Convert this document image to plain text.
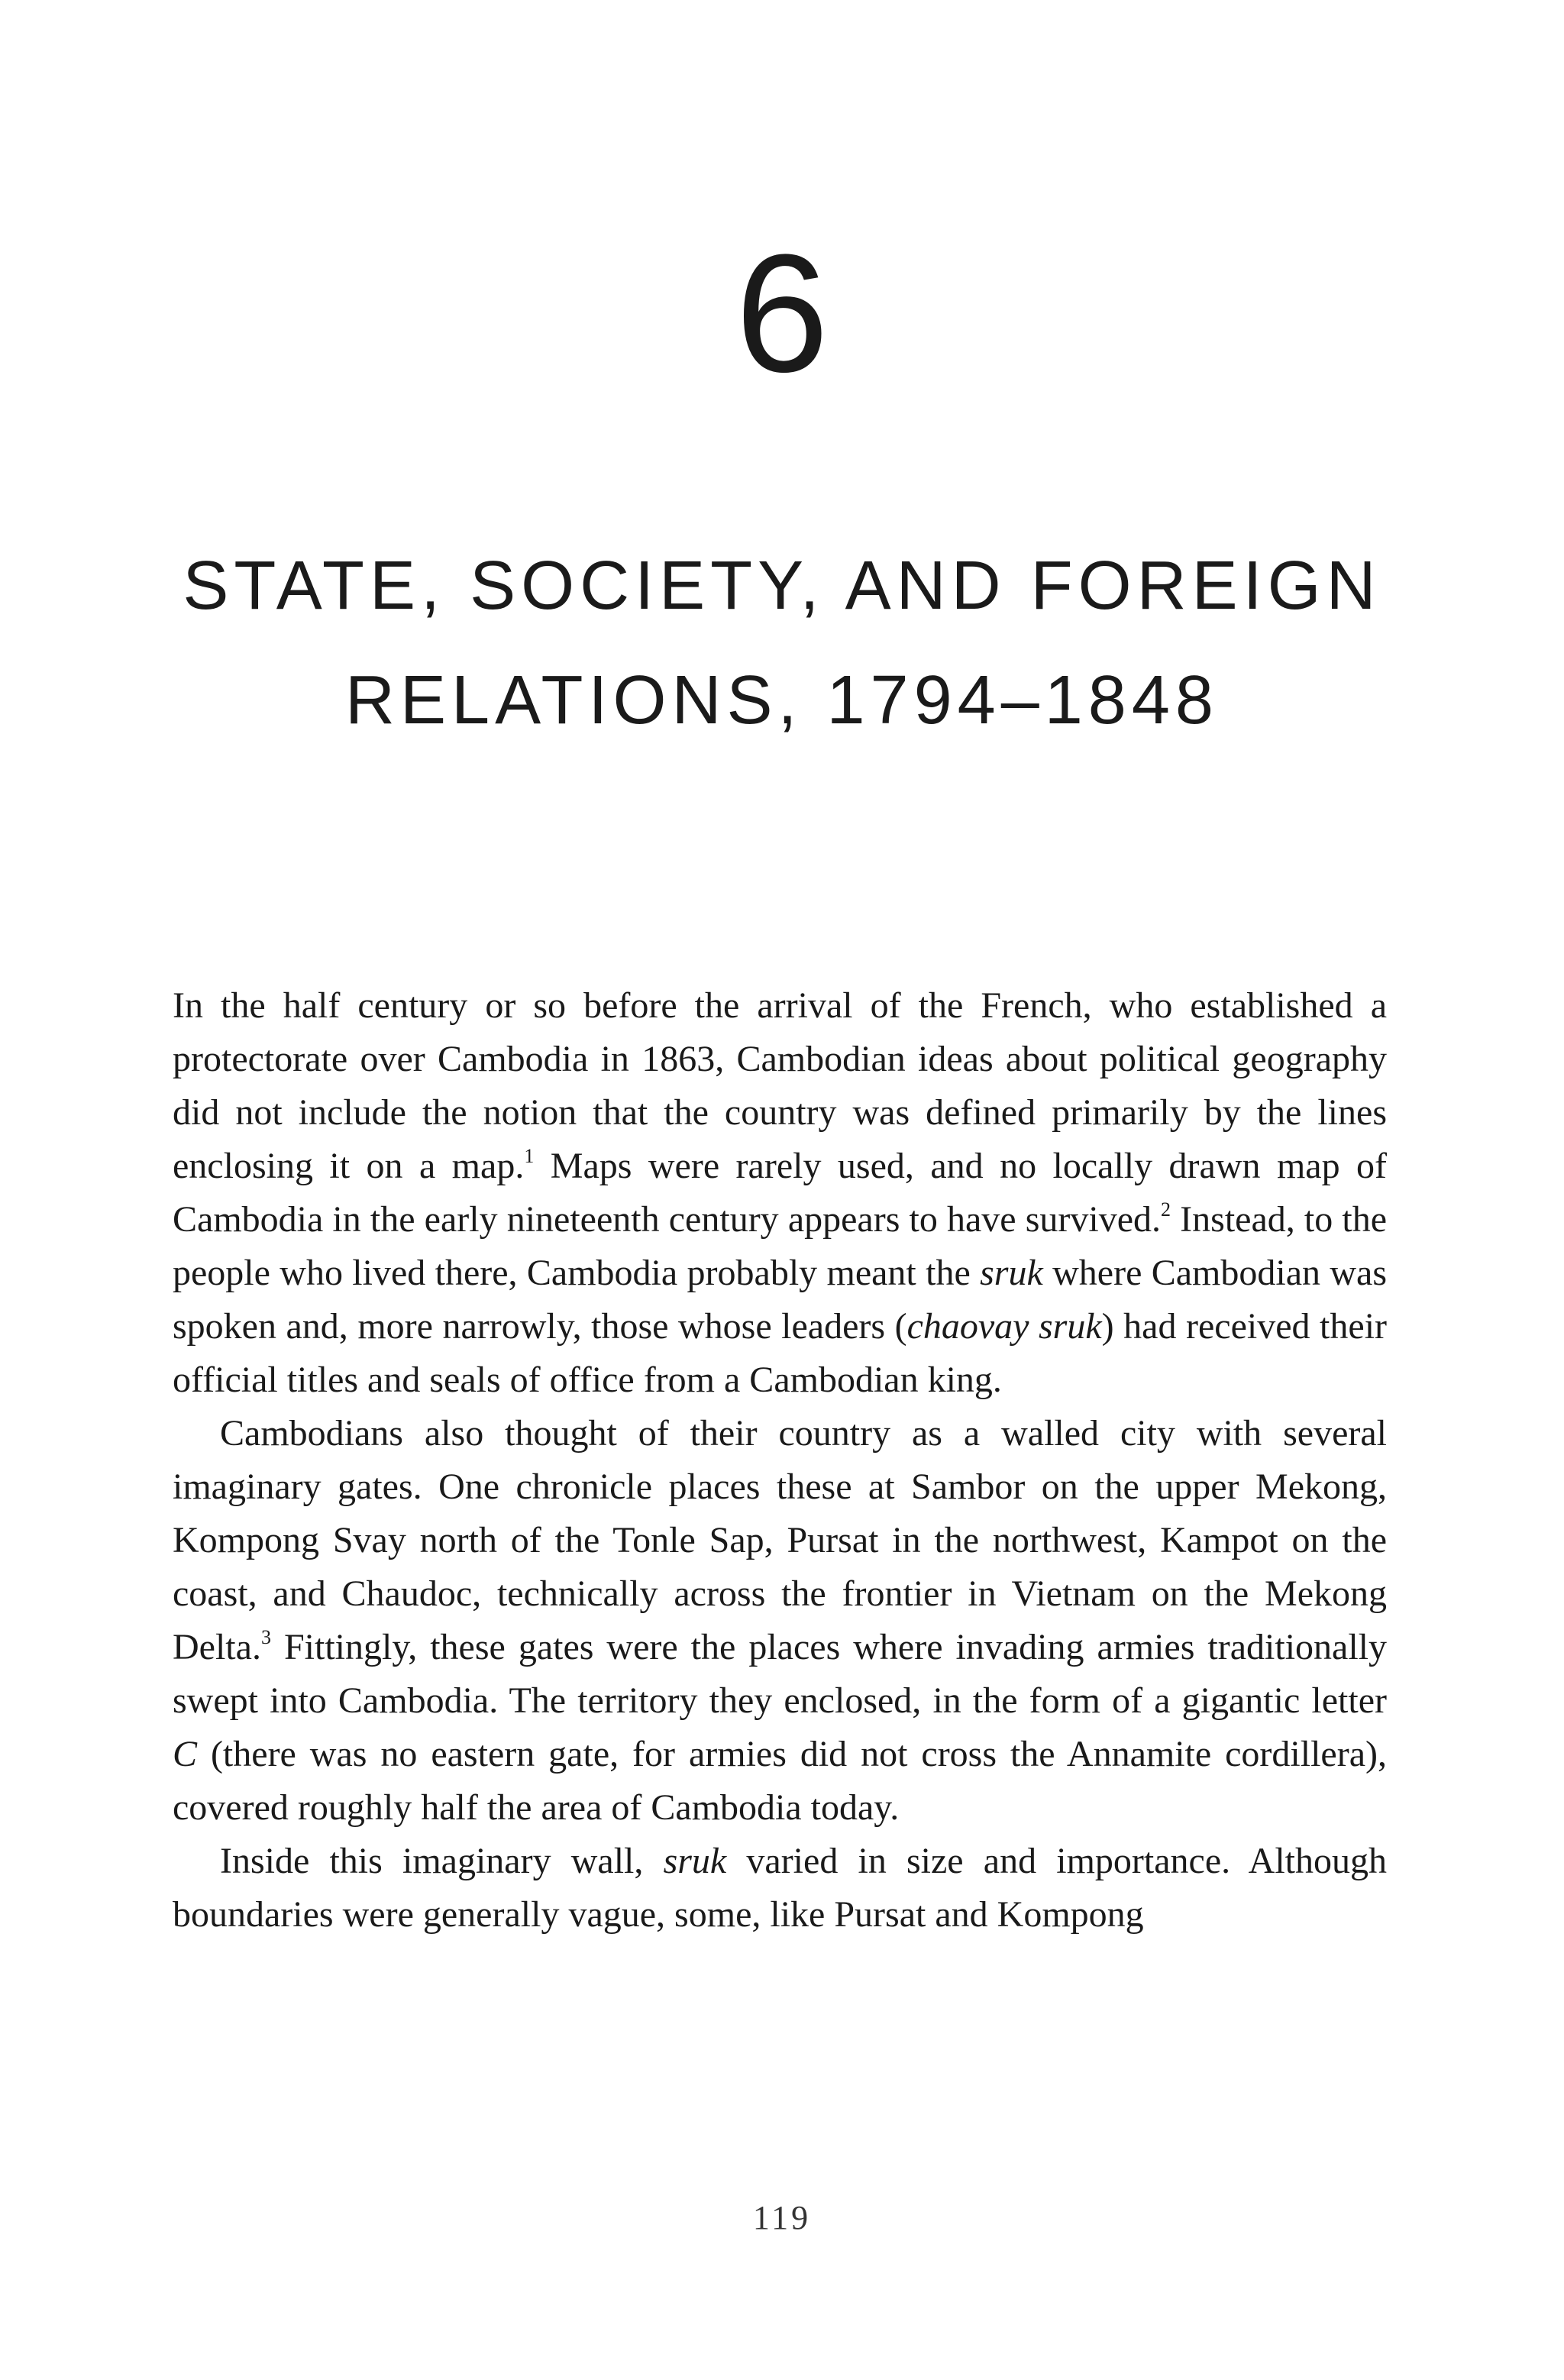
6
STATE, SOCIETY, AND FOREIGN
RELATIONS, 1794–1848

In the half century or so before the arrival of the French, who established a protectorate over Cambodia in 1863, Cambodian ideas about political geography did not include the notion that the country was defined primarily by the lines enclosing it on a map.$^1$ Maps were rarely used, and no locally drawn map of Cambodia in the early nineteenth century appears to have survived.$^2$ Instead, to the people who lived there, Cambodia probably meant the sruk where Cambodian was spoken and, more narrowly, those whose leaders (chaovay sruk) had received their official titles and seals of office from a Cambodian king.

Cambodians also thought of their country as a walled city with several imaginary gates. One chronicle places these at Sambor on the upper Mekong, Kompong Svay north of the Tonle Sap, Pursat in the northwest, Kampot on the coast, and Chaudoc, technically across the frontier in Vietnam on the Mekong Delta.$^3$ Fittingly, these gates were the places where invading armies traditionally swept into Cambodia. The territory they enclosed, in the form of a gigantic letter C (there was no eastern gate, for armies did not cross the Annamite cordillera), covered roughly half the area of Cambodia today.

Inside this imaginary wall, sruk varied in size and importance. Although boundaries were generally vague, some, like Pursat and Kompong

119
